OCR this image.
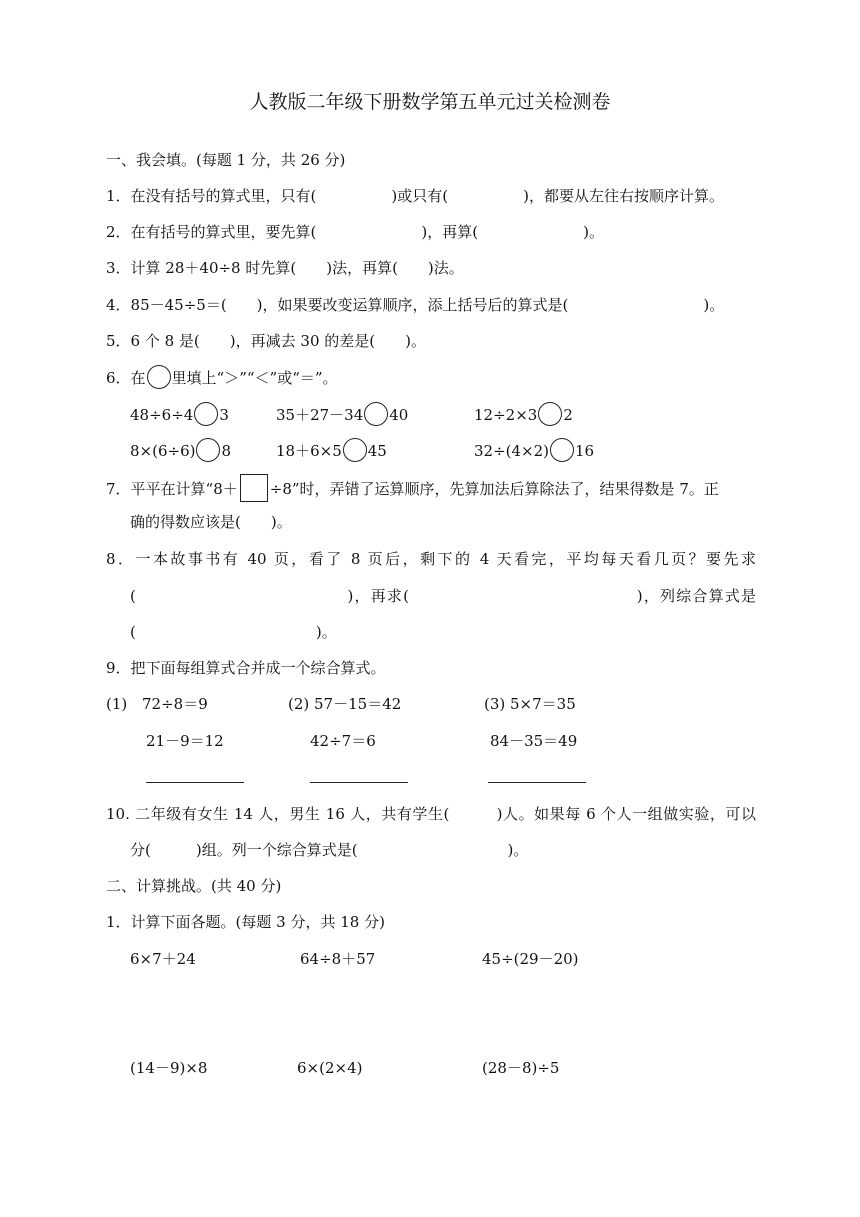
人教版二年级下册数学第五单元过关检测卷
一、我会填。(每题 1 分，共 26 分)
1．在没有括号的算式里，只有(　　　　　)或只有(　　　　　)，都要从左往右按顺序计算。
2．在有括号的算式里，要先算(　　　　　　　)，再算(　　　　　　　)。
3．计算 28＋40÷8 时先算(　　)法，再算(　　)法。
4．85－45÷5＝(　　)，如果要改变运算顺序，添上括号后的算式是(　　　　　　　　　)。
5．6 个 8 是(　　)，再减去 30 的差是(　　)。
6．在 里填上“＞”“＜”或“＝”。
48÷6÷4 3	35＋27－34 40	12÷2×3 2
8×(6÷6) 8	18＋6×5 45	32÷(4×2) 16
7．平平在计算“8＋ ÷8”时，弄错了运算顺序，先算加法后算除法了，结果得数是 7。正
确的得数应该是(　　)。
8．一本故事书有 40 页，看了 8 页后，剩下的 4 天看完，平均每天看几页？要先求
(　　　　　　　　　　　　　)，再求(　　　　　　　　　　　　　　)，列综合算式是
(　　　　　　　　　　　　)。
9．把下面每组算式合并成一个综合算式。
(1) 72÷8＝9
21－9＝12
(2) 57－15＝42
42÷7＝6
(3) 5×7＝35
84－35＝49
10. 二年级有女生 14 人，男生 16 人，共有学生(　　　)人。如果每 6 个人一组做实验，可以
分(　　　)组。列一个综合算式是(　　　　　　　　　　)。
二、计算挑战。(共 40 分)
1．计算下面各题。(每题 3 分，共 18 分)
6×7＋24	64÷8＋57	45÷(29－20)
(14－9)×8	6×(2×4)	(28－8)÷5
